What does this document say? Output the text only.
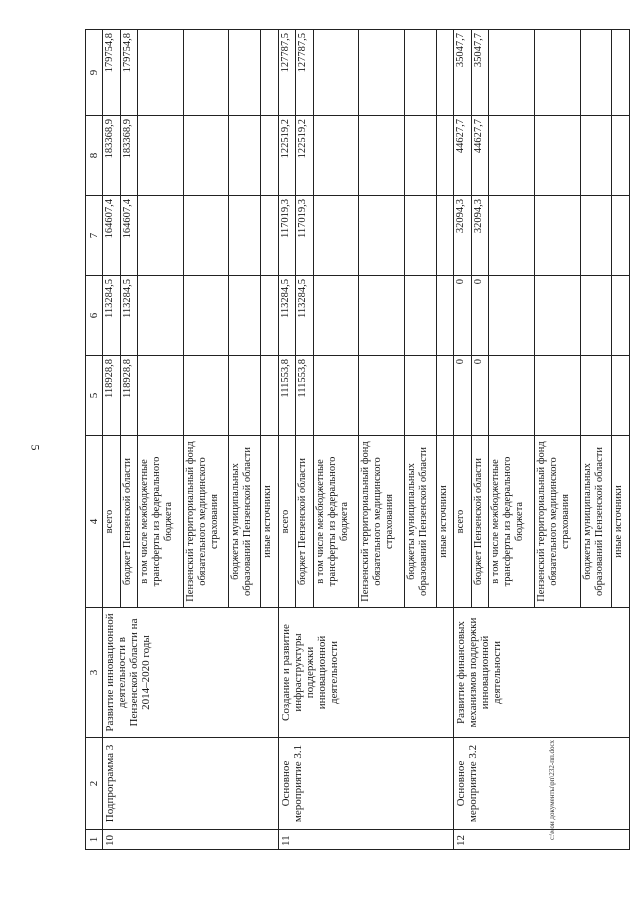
5
c:\мои документы\рп\232-пп.docx
1	2	3	4	5	6	7	8	9
10	Подпрограмма 3	Развитие инновационной деятельности в Пензенской области на 2014–2020 годы	всего	118928,8	113284,5	164607,4	183368,9	179754,8
			бюджет Пензенской области	118928,8	113284,5	164607,4	183368,9	179754,8
			в том числе межбюджетные трансферты из федерального бюджета					
			Пензенский территориальный фонд обязательного медицинского страхования					
			бюджеты муниципальных образований Пензенской области					
			иные источники					
11	Основное мероприятие 3.1	Создание и развитие инфраструктуры поддержки инновационной деятельности	всего	111553,8	113284,5	117019,3	122519,2	127787,5
			бюджет Пензенской области	111553,8	113284,5	117019,3	122519,2	127787,5
			в том числе межбюджетные трансферты из федерального бюджета					
			Пензенский территориальный фонд обязательного медицинского страхования					
			бюджеты муниципальных образований Пензенской области					
			иные источники					
12	Основное мероприятие 3.2	Развитие финансовых механизмов поддержки инновационной деятельности	всего	0	0	32094,3	44627,7	35047,7
			бюджет Пензенской области	0	0	32094,3	44627,7	35047,7
			в том числе межбюджетные трансферты из федерального бюджета					
			Пензенский территориальный фонд обязательного медицинского страхования					
			бюджеты муниципальных образований Пензенской области					
			иные источники					
